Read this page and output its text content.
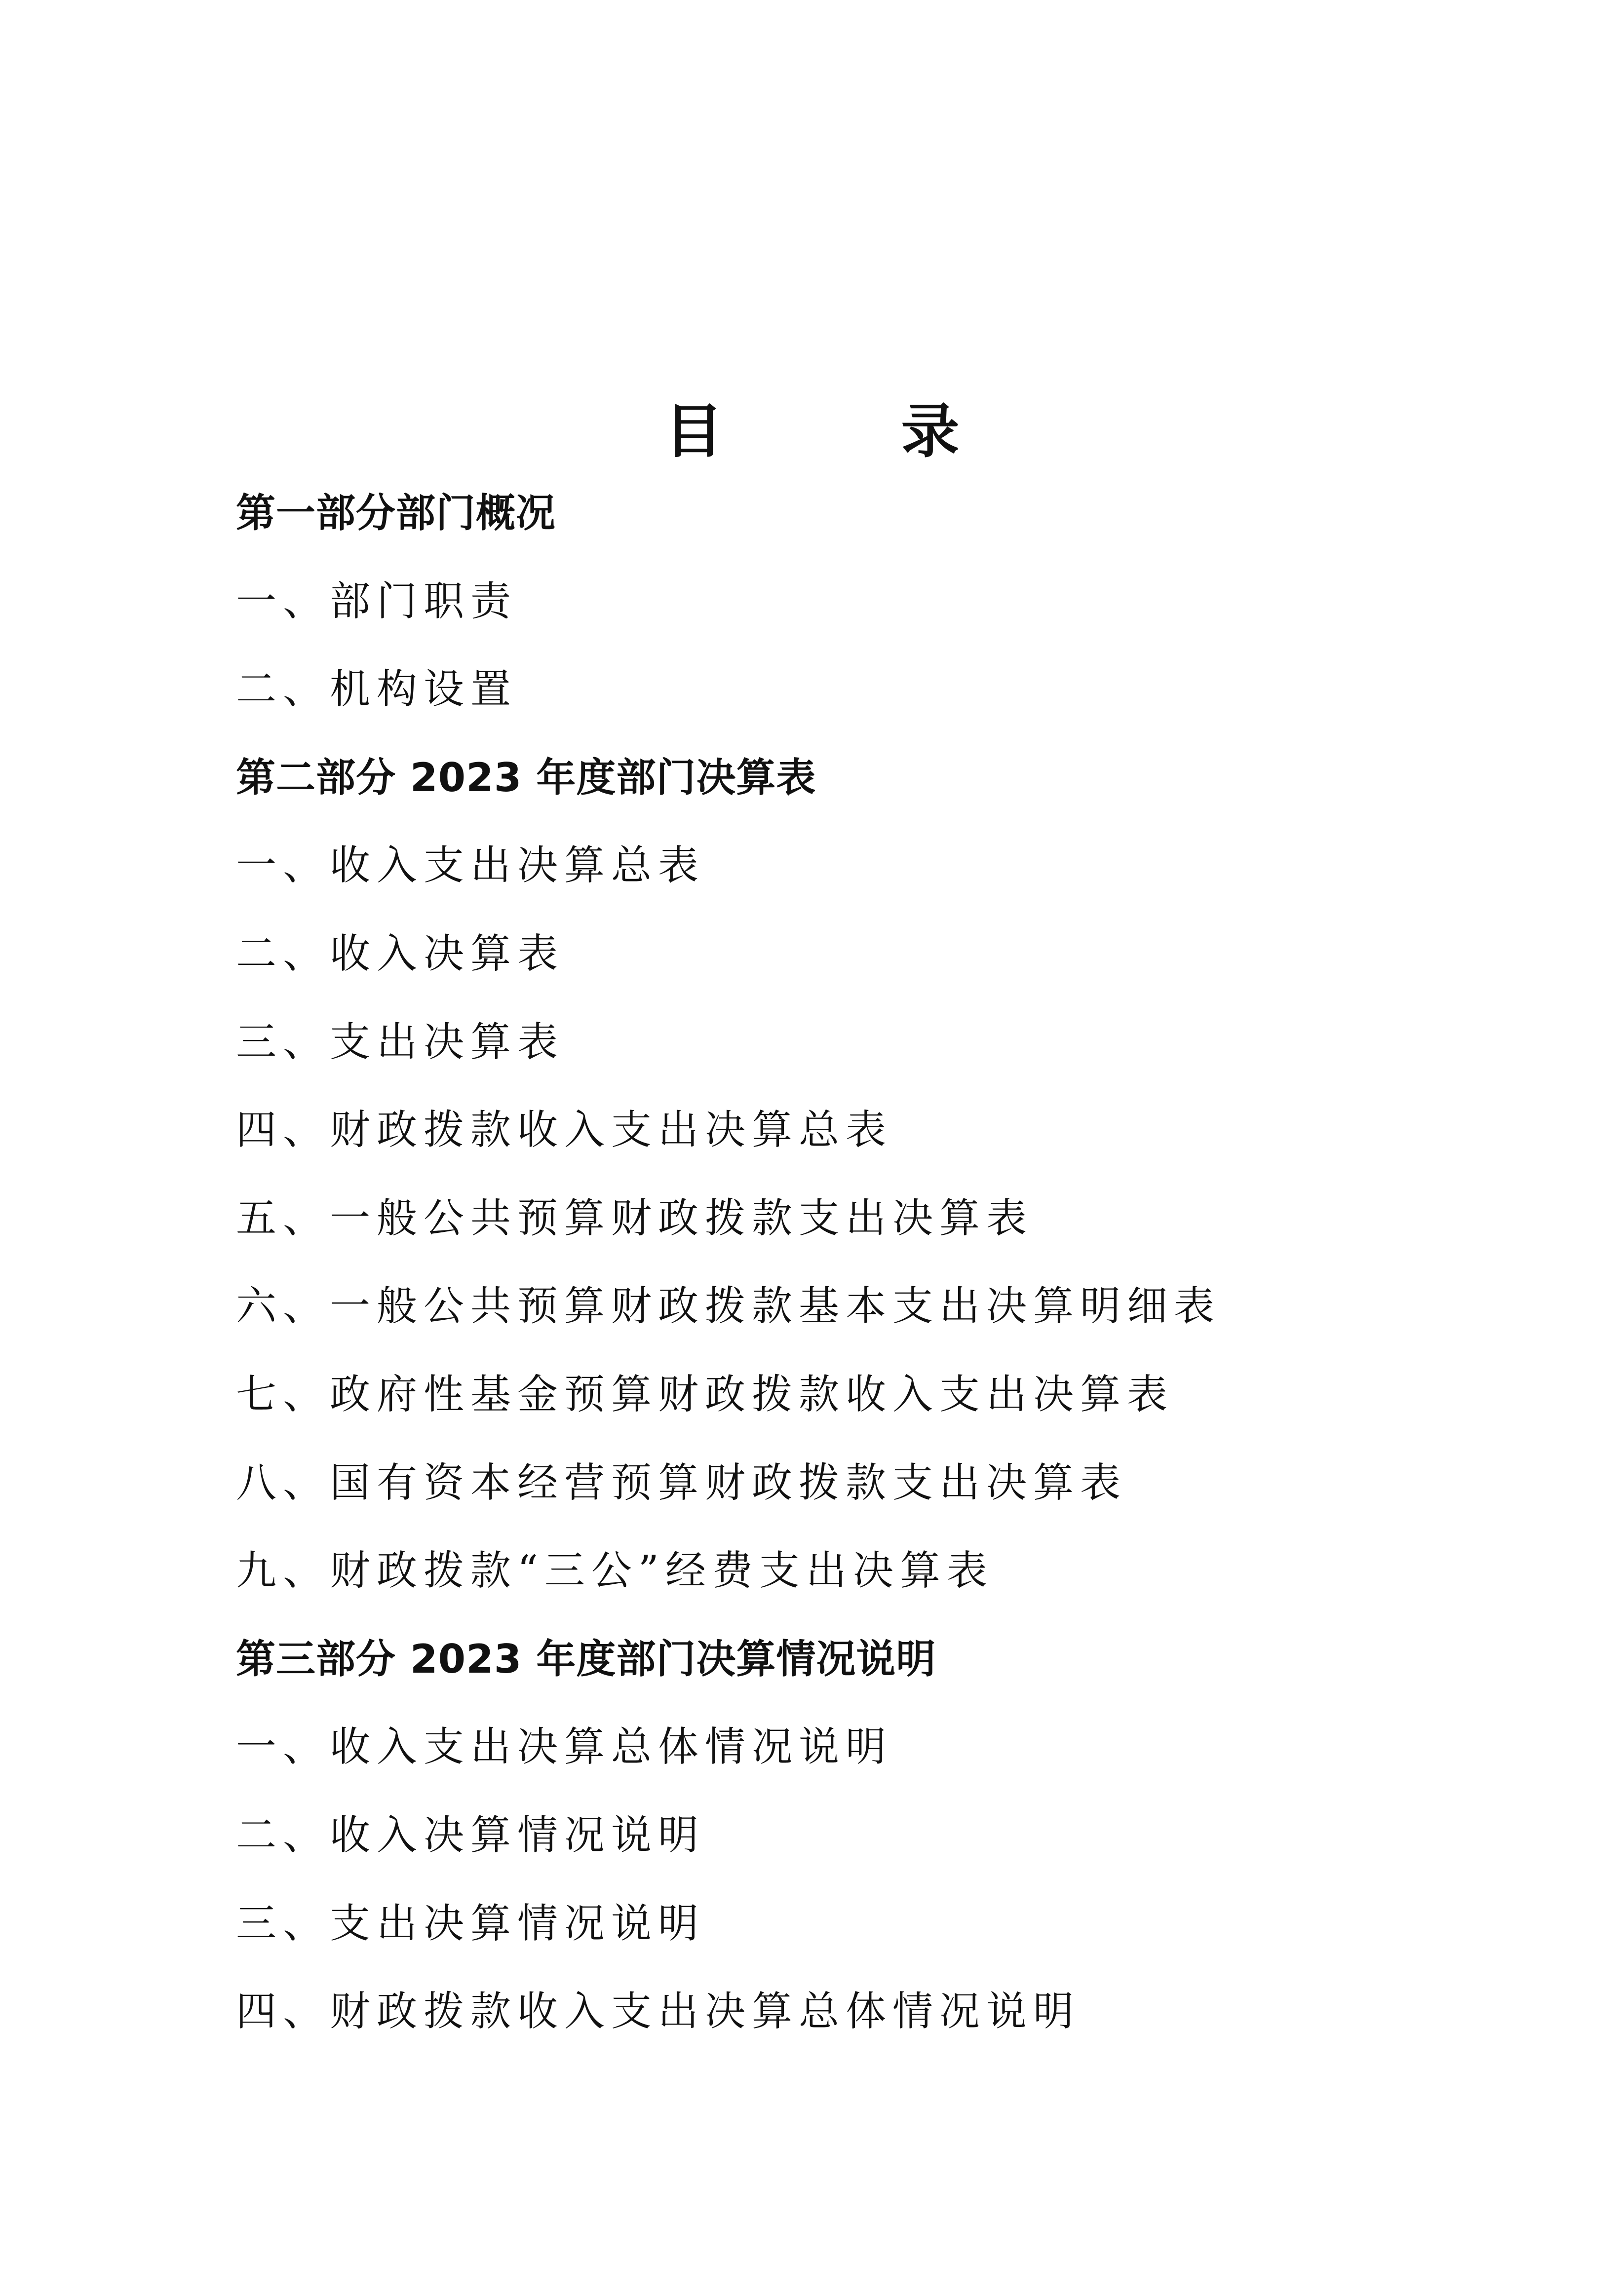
目 录
第一部分部门概况
一、部门职责
二、机构设置
第二部分 2023 年度部门决算表
一、收入支出决算总表
二、收入决算表
三、支出决算表
四、财政拨款收入支出决算总表
五、一般公共预算财政拨款支出决算表
六、一般公共预算财政拨款基本支出决算明细表
七、政府性基金预算财政拨款收入支出决算表
八、国有资本经营预算财政拨款支出决算表
九、财政拨款“三公”经费支出决算表
第三部分 2023 年度部门决算情况说明
一、收入支出决算总体情况说明
二、收入决算情况说明
三、支出决算情况说明
四、财政拨款收入支出决算总体情况说明
